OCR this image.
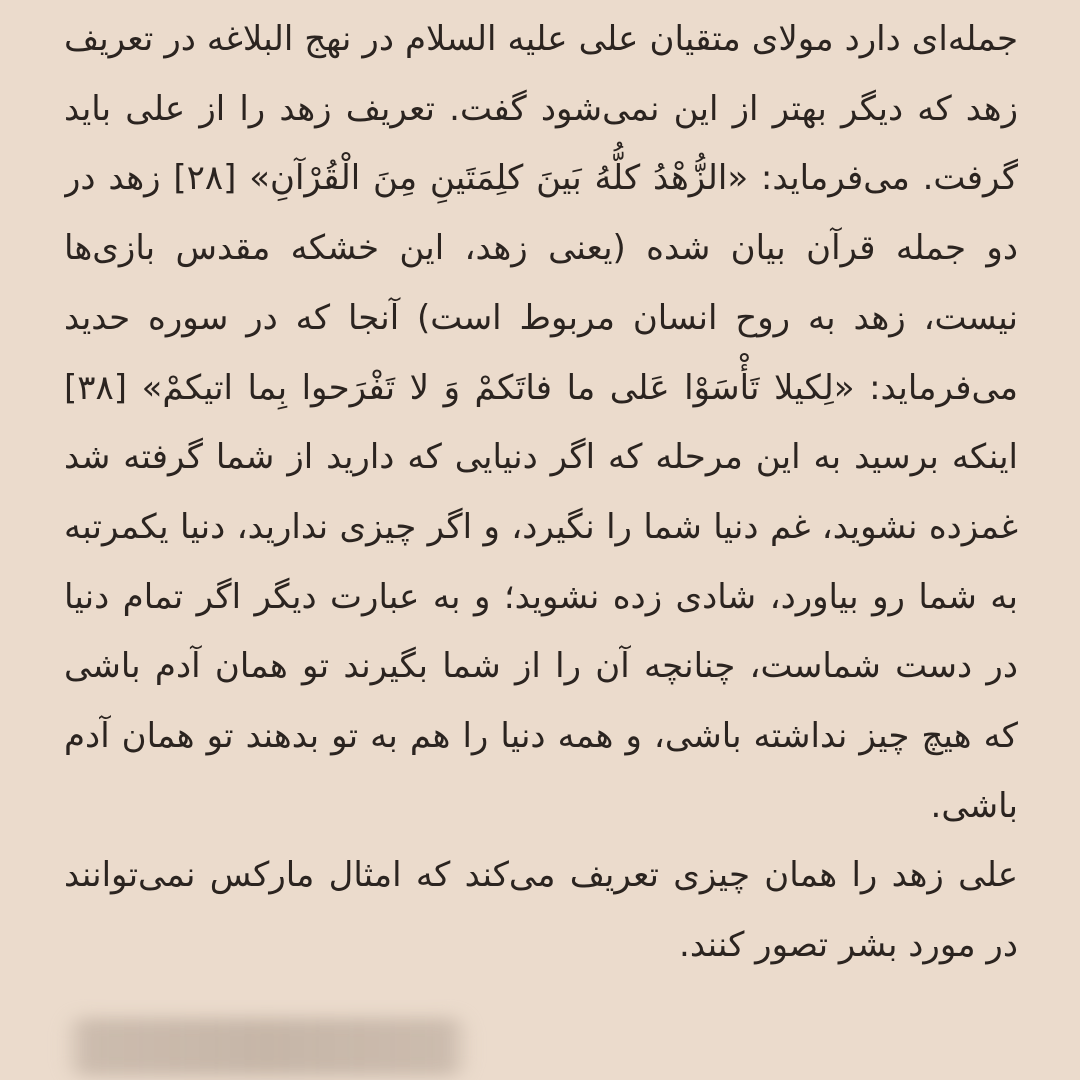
جمله‌ای دارد مولای متقیان علی علیه السلام در نهج البلاغه در تعریف زهد که دیگر بهتر از این نمی‌شود گفت. تعریف زهد را از علی باید گرفت. می‌فرماید: «الزُّهْدُ کلُّهُ بَینَ کلِمَتَینِ مِنَ الْقُرْآنِ» [۲۸] زهد در دو جمله قرآن بیان شده (یعنی زهد، این خشکه مقدس بازی‌ها نیست، زهد به روح انسان مربوط است) آنجا که در سوره حدید می‌فرماید: «لِکیلا تَأْسَوْا عَلی ما فاتَکمْ وَ لا تَفْرَحوا بِما اتیکمْ» [۳۸] اینکه برسید به این مرحله که اگر دنیایی که دارید از شما گرفته شد غمزده نشوید، غم دنیا شما را نگیرد، و اگر چیزی ندارید، دنیا یکمرتبه به شما رو بیاورد، شادی زده نشوید؛ و به عبارت دیگر اگر تمام دنیا در دست شماست، چنانچه آن را از شما بگیرند تو همان آدم باشی که هیچ چیز نداشته باشی، و همه دنیا را هم به تو بدهند تو همان آدم باشی.

علی زهد را همان چیزی تعریف می‌کند که امثال مارکس نمی‌توانند در مورد بشر تصور کنند.
